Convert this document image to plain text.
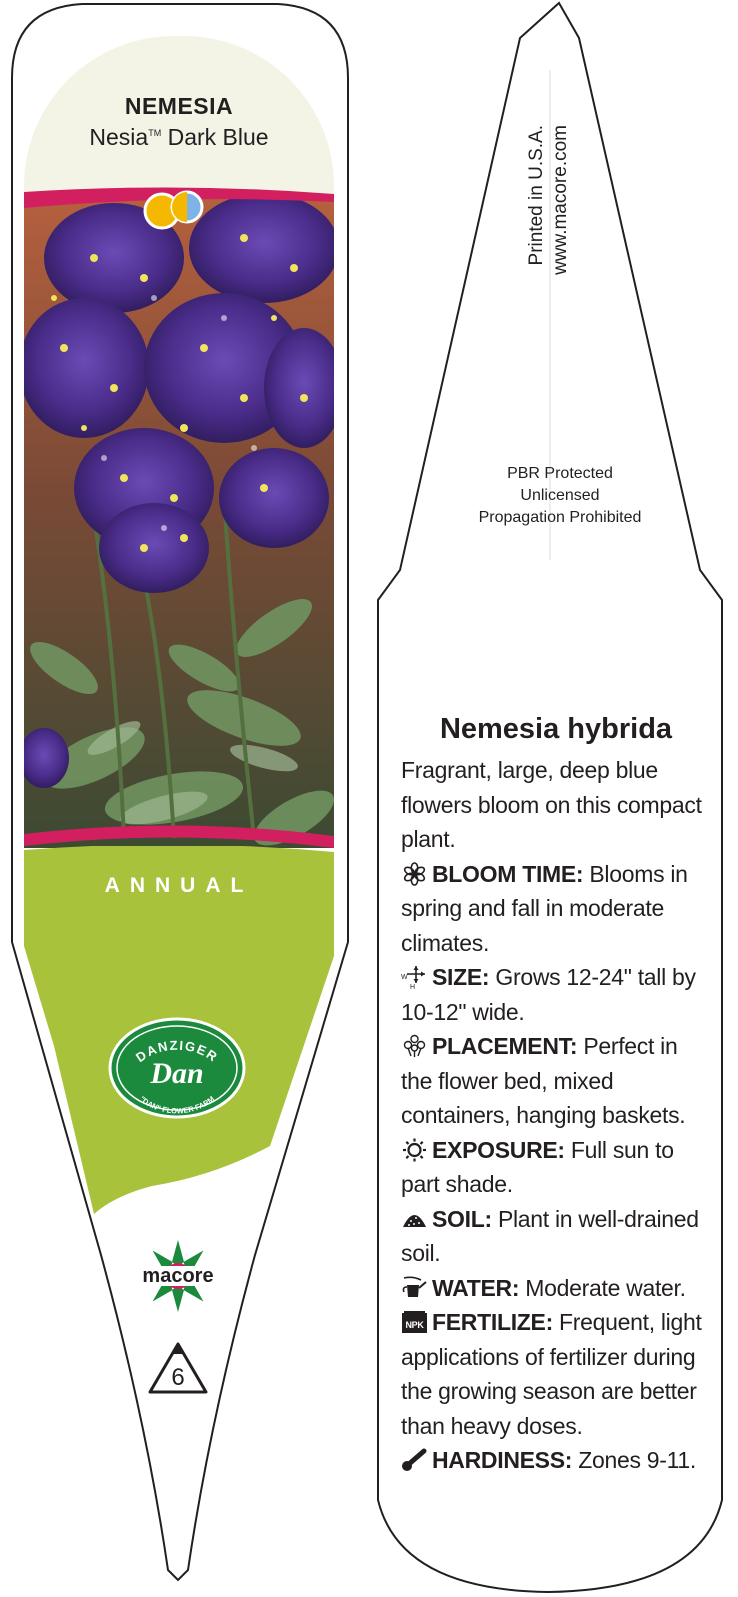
NEMESIA
Nesia™ Dark Blue
ANNUAL
DANZIGER
Dan
"DAN" FLOWER FARM
macore
6
Printed in U.S.A. www.macore.com
PBR Protected
Unlicensed
Propagation Prohibited
Nemesia hybrida

Fragrant, large, deep blue flowers bloom on this compact plant.

BLOOM TIME: Blooms in spring and fall in moderate climates.

W
H SIZE: Grows 12-24" tall by 10-12" wide.

PLACEMENT: Perfect in the flower bed, mixed containers, hanging baskets.

EXPOSURE: Full sun to part shade.

SOIL: Plant in well-drained soil.

WATER: Moderate water.

NPK FERTILIZE: Frequent, light applications of fertilizer during the growing season are better than heavy doses.

HARDINESS: Zones 9-11.
